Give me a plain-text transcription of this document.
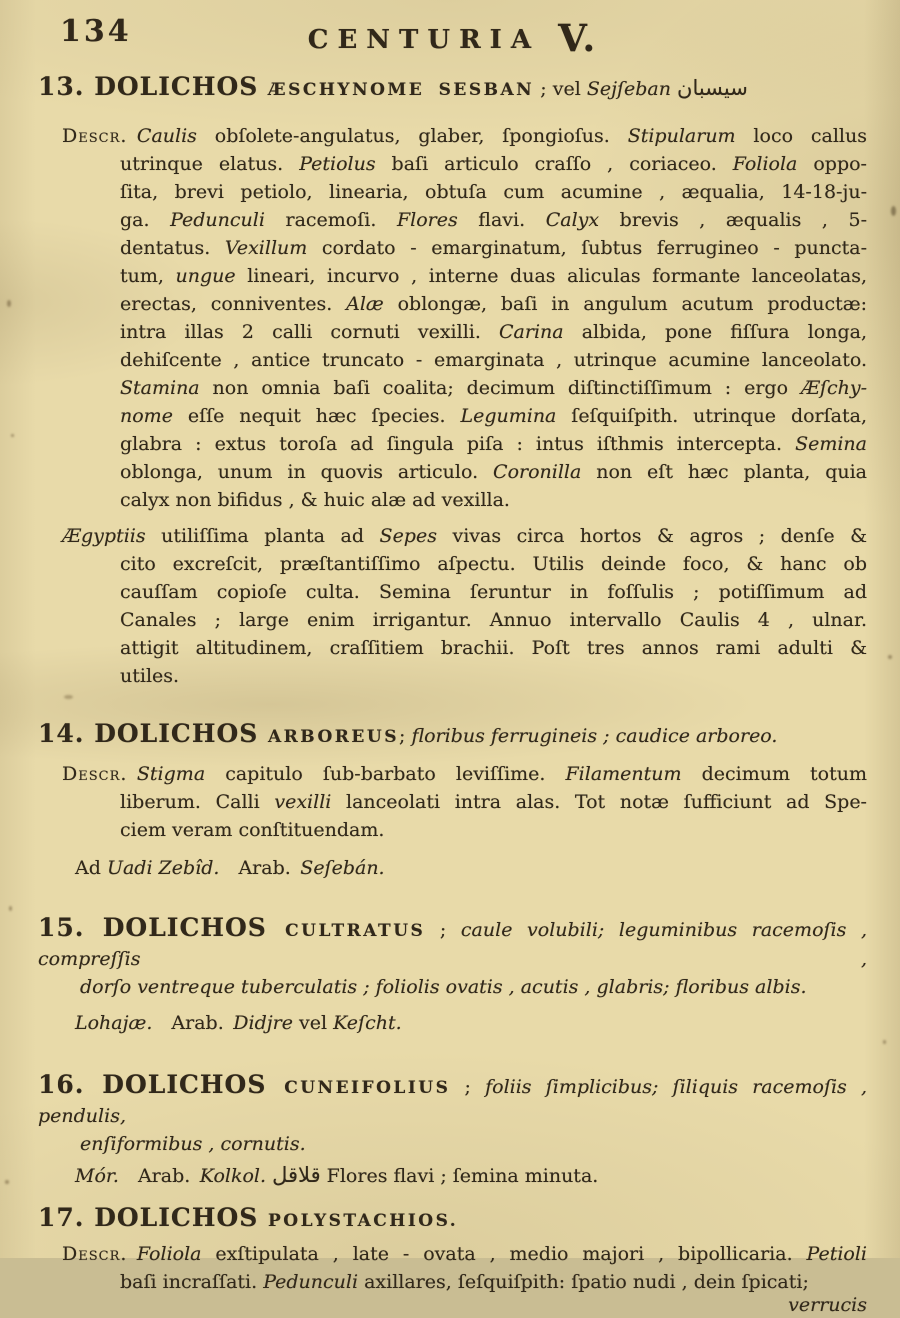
134	CENTURIA V.
13. DOLICHOS ÆSCHYNOME SESBAN ; vel Sejſeban سيسبان
Descr.  Caulis obſolete-angulatus, glaber, ſpongioſus. Stipularum loco callus
utrinque elatus. Petiolus baſi articulo craſſo , coriaceo. Foliola oppo-
ſita, brevi petiolo, linearia, obtuſa cum acumine , æqualia, 14-18-ju-
ga. Pedunculi racemoſi. Flores flavi. Calyx brevis , æqualis , 5-
dentatus. Vexillum cordato - emarginatum, ſubtus ferrugineo - puncta-
tum, ungue lineari, incurvo , interne duas aliculas formante lanceolatas,
erectas, conniventes. Alæ oblongæ, baſi in angulum acutum productæ:
intra illas 2 calli cornuti vexilli. Carina albida, pone fiſſura longa,
dehiſcente , antice truncato - emarginata , utrinque acumine lanceolato.
Stamina non omnia baſi coalita; decimum diſtinctiſſimum : ergo Æſchy-
nome eſſe nequit hæc ſpecies. Legumina ſeſquiſpith. utrinque dorſata,
glabra : extus toroſa ad ſingula piſa : intus iſthmis intercepta. Semina
oblonga, unum in quovis articulo. Coronilla non eſt hæc planta, quia
calyx non bifidus , & huic alæ ad vexilla.
Ægyptiis utiliſſima planta ad Sepes vivas circa hortos & agros ; denſe &
cito excreſcit, præſtantiſſimo aſpectu. Utilis deinde foco, & hanc ob
cauſſam copioſe culta. Semina ſeruntur in foſſulis ; potiſſimum ad
Canales ; large enim irrigantur. Annuo intervallo Caulis 4 , ulnar.
attigit altitudinem, craſſitiem brachii. Poſt tres annos rami adulti &
utiles.
14. DOLICHOS ARBOREUS; floribus ferrugineis ; caudice arboreo.
Descr.  Stigma capitulo ſub-barbato leviſſime. Filamentum decimum totum
liberum. Calli vexilli lanceolati intra alas. Tot notæ ſufficiunt ad Spe-
ciem veram conſtituendam.
Ad Uadi Zebîd.  Arab. Seſebán.
15. DOLICHOS CULTRATUS ; caule volubili; leguminibus racemoſis , compreſſis ,
dorſo ventreque tuberculatis ; foliolis ovatis , acutis , glabris; floribus albis.
Lohajæ.  Arab. Didjre vel Keſcht.
16. DOLICHOS CUNEIFOLIUS ; foliis ſimplicibus; ſiliquis racemoſis , pendulis,
enſiformibus , cornutis.
Mór.  Arab. Kolkol. قلاقل Flores flavi ; ſemina minuta.
17. DOLICHOS POLYSTACHIOS.
Descr.  Foliola exſtipulata , late - ovata , medio majori , bipollicaria. Petioli
baſi incraſſati. Pedunculi axillares, ſeſquiſpith: ſpatio nudi , dein ſpicati;
verrucis
